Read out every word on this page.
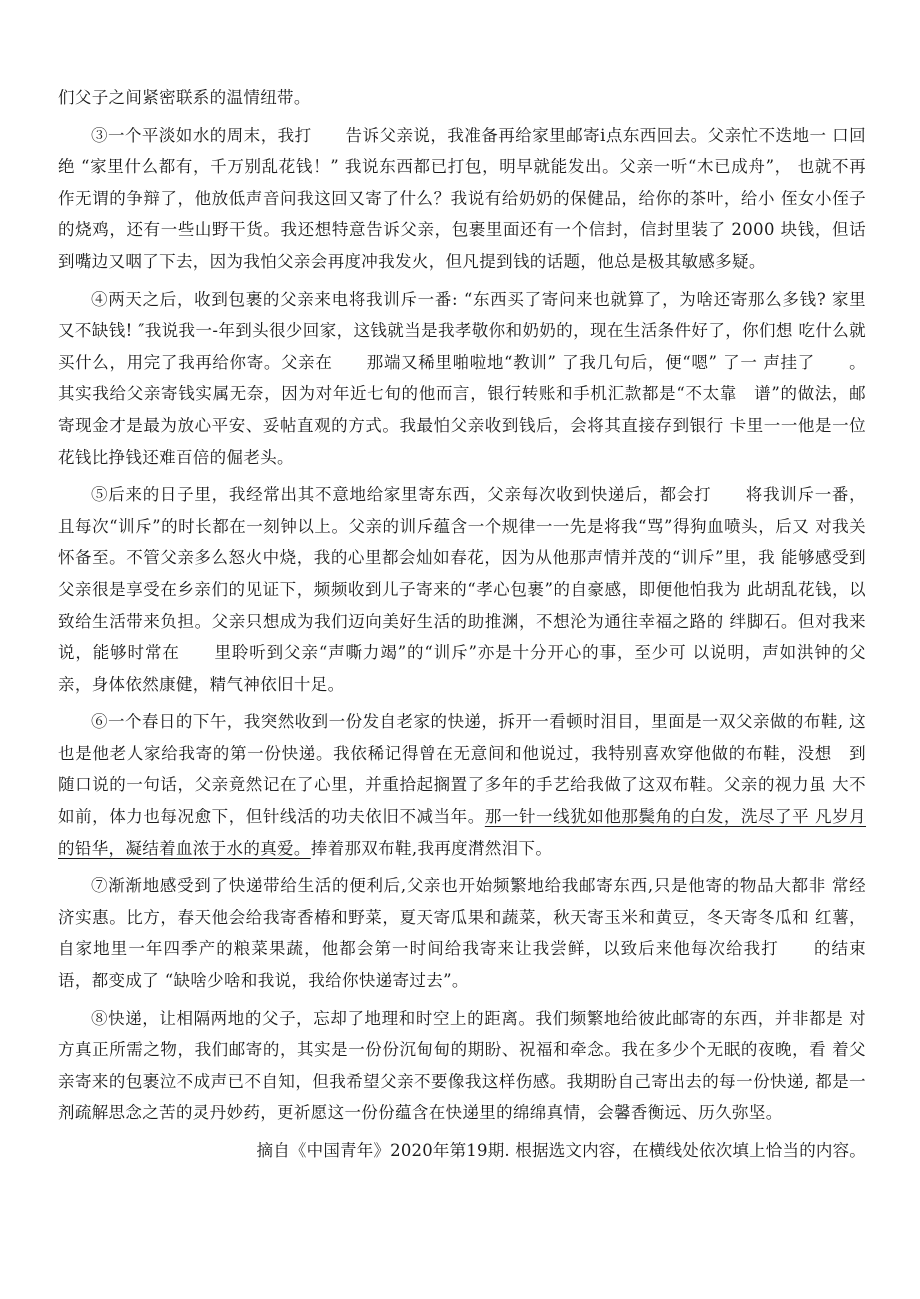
们父子之间紧密联系的温情纽带。

③一个平淡如水的周末，我打　　告诉父亲说，我准备再给家里邮寄i点东西回去。父亲忙不迭地一 口回绝 “家里什么都有，千万别乱花钱！” 我说东西都已打包，明早就能发出。父亲一听“木已成舟”， 也就不再作无谓的争辩了，他放低声音问我这回又寄了什么？我说有给奶奶的保健品，给你的茶叶，给小 侄女小侄子的烧鸡，还有一些山野干货。我还想特意告诉父亲，包裹里面还有一个信封，信封里装了 2000 块钱，但话到嘴边又咽了下去，因为我怕父亲会再度冲我发火，但凡提到钱的话题，他总是极其敏感多疑。

④两天之后，收到包裹的父亲来电将我训斥一番: “东西买了寄问来也就算了，为啥还寄那么多钱? 家里又不缺钱! ″我说我一-年到头很少回家，这钱就当是我孝敬你和奶奶的，现在生活条件好了，你们想 吃什么就买什么，用完了我再给你寄。父亲在　　那端又稀里啪啦地“教训” 了我几句后，便“嗯” 了一 声挂了　　。其实我给父亲寄钱实属无奈，因为对年近七旬的他而言，银行转账和手机汇款都是“不太靠　谱”的做法，邮寄现金才是最为放心平安、妥帖直观的方式。我最怕父亲收到钱后，会将其直接存到银行 卡里一一他是一位花钱比挣钱还难百倍的倔老头。

⑤后来的日子里，我经常出其不意地给家里寄东西，父亲每次收到快递后，都会打　　将我训斥一番， 且每次“训斥”的时长都在一刻钟以上。父亲的训斥蕴含一个规律一一先是将我“骂”得狗血喷头，后又 对我关怀备至。不管父亲多么怒火中烧，我的心里都会灿如春花，因为从他那声情并茂的“训斥”里，我 能够感受到父亲很是享受在乡亲们的见证下，频频收到儿子寄来的“孝心包裹”的自豪感，即便他怕我为 此胡乱花钱，以致给生活带来负担。父亲只想成为我们迈向美好生活的助推渊，不想沦为通往幸福之路的 绊脚石。但对我来说，能够时常在　　里聆听到父亲“声嘶力竭”的“训斥”亦是十分开心的事，至少可 以说明，声如洪钟的父亲，身体依然康健，精气神依旧十足。

⑥一个春日的下午，我突然收到一份发自老家的快递，拆开一看顿时泪目，里面是一双父亲做的布鞋, 这也是他老人家给我寄的第一份快递。我依稀记得曾在无意间和他说过，我特别喜欢穿他做的布鞋，没想　到随口说的一句话，父亲竟然记在了心里，并重拾起搁置了多年的手艺给我做了这双布鞋。父亲的视力虽 大不如前，体力也每况愈下，但针线活的功夫依旧不减当年。那一针一线犹如他那鬓角的白发，洗尽了平 凡岁月的铅华，凝结着血浓于水的真爱。捧着那双布鞋,我再度潸然泪下。

⑦渐渐地感受到了快递带给生活的便利后,父亲也开始频繁地给我邮寄东西,只是他寄的物品大都非 常经济实惠。比方，春天他会给我寄香椿和野菜，夏天寄瓜果和蔬菜，秋天寄玉米和黄豆，冬天寄冬瓜和 红薯，自家地里一年四季产的粮菜果蔬，他都会第一时间给我寄来让我尝鲜，以致后来他每次给我打　　的结束语，都变成了 “缺啥少啥和我说，我给你快递寄过去”。

⑧快递，让相隔两地的父子，忘却了地理和时空上的距离。我们频繁地给彼此邮寄的东西，并非都是 对方真正所需之物，我们邮寄的，其实是一份份沉甸甸的期盼、祝福和牵念。我在多少个无眠的夜晚，看 着父亲寄来的包裹泣不成声已不自知，但我希望父亲不要像我这样伤感。我期盼自己寄出去的每一份快递, 都是一剂疏解思念之苦的灵丹妙药，更祈愿这一份份蕴含在快递里的绵绵真情，会馨香衡远、历久弥坚。

摘自《中国青年》2020年第19期. 根据选文内容，在横线处依次填上恰当的内容。
